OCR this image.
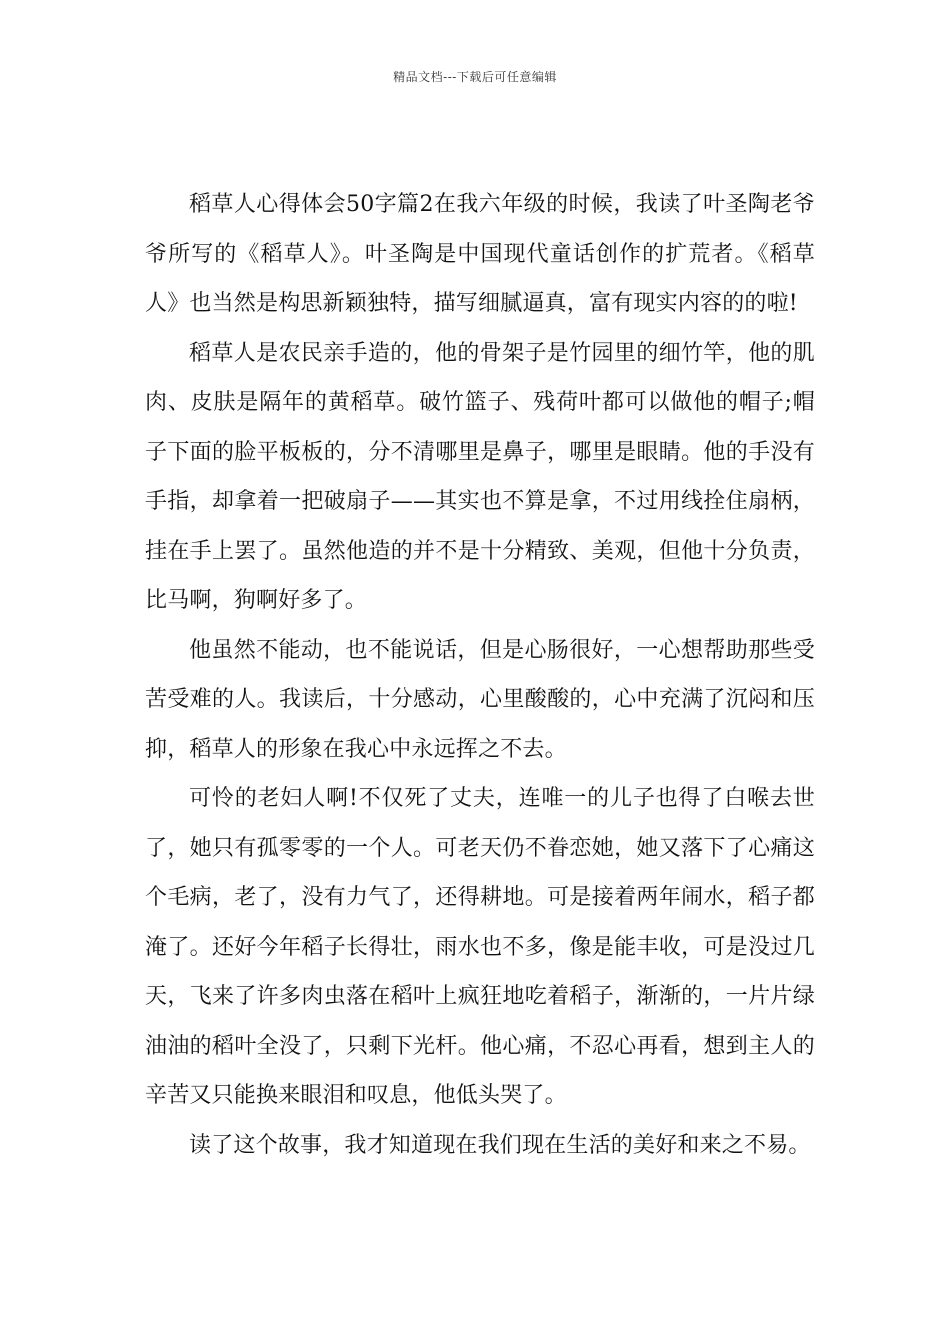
精品文档---下载后可任意编辑

稻草人心得体会50字篇2在我六年级的时候，我读了叶圣陶老爷爷所写的《稻草人》。叶圣陶是中国现代童话创作的扩荒者。《稻草人》也当然是构思新颖独特，描写细腻逼真，富有现实内容的的啦!

稻草人是农民亲手造的，他的骨架子是竹园里的细竹竿，他的肌肉、皮肤是隔年的黄稻草。破竹篮子、残荷叶都可以做他的帽子;帽子下面的脸平板板的，分不清哪里是鼻子，哪里是眼睛。他的手没有手指，却拿着一把破扇子——其实也不算是拿，不过用线拴住扇柄，挂在手上罢了。虽然他造的并不是十分精致、美观，但他十分负责，比马啊，狗啊好多了。

他虽然不能动，也不能说话，但是心肠很好，一心想帮助那些受苦受难的人。我读后，十分感动，心里酸酸的，心中充满了沉闷和压抑，稻草人的形象在我心中永远挥之不去。

可怜的老妇人啊!不仅死了丈夫，连唯一的儿子也得了白喉去世了，她只有孤零零的一个人。可老天仍不眷恋她，她又落下了心痛这个毛病，老了，没有力气了，还得耕地。可是接着两年闹水，稻子都淹了。还好今年稻子长得壮，雨水也不多，像是能丰收，可是没过几天，飞来了许多肉虫落在稻叶上疯狂地吃着稻子，渐渐的，一片片绿油油的稻叶全没了，只剩下光杆。他心痛，不忍心再看，想到主人的辛苦又只能换来眼泪和叹息，他低头哭了。

读了这个故事，我才知道现在我们现在生活的美好和来之不易。
